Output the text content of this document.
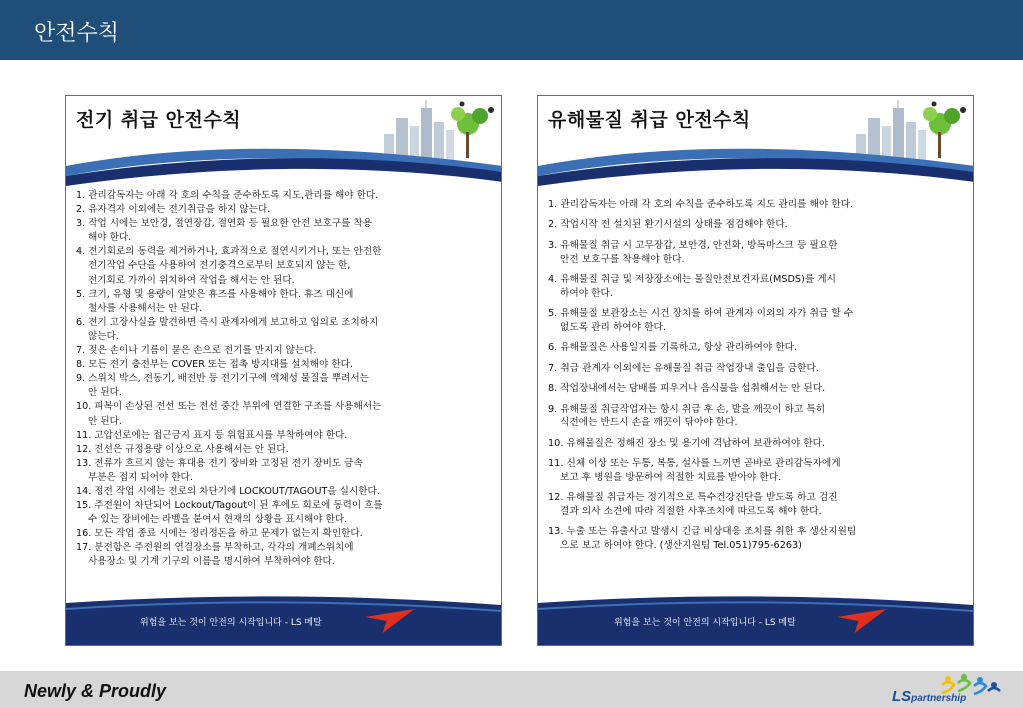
안전수칙
전기 취급 안전수칙
1. 관리감독자는 아래 각 호의 수칙을 준수하도록 지도,관리를 해야 한다.
2. 유자격자 이외에는 전기취급을 하지 않는다.
3. 작업 시에는 보안경, 절연장갑, 절연화 등 필요한 안전 보호구를 착용
해야 한다.
4. 전기회로의 동력을 제거하거나, 효과적으로 절연시키거나, 또는 안전한
전기작업 수단을 사용하여 전기충격으로부터 보호되지 않는 한,
전기회로 가까이 위치하여 작업을 해서는 안 된다.
5. 크기, 유형 및 용량이 알맞은 휴즈를 사용해야 한다. 휴즈 대신에
철사를 사용해서는 안 된다.
6. 전기 고장사실을 발견하면 즉시 관계자에게 보고하고 임의로 조치하지
않는다.
7. 젖은 손이나 기름이 묻은 손으로 전기를 만지지 않는다.
8. 모든 전기 충전부는 COVER 또는 접촉 방지대를 설치해야 한다.
9. 스위치 박스, 전동기, 배전반 등 전기기구에 액체성 물질을 뿌려서는
안 된다.
10. 피복이 손상된 전선 또는 전선 중간 부위에 연결한 구조를 사용해서는
안 된다.
11. 고압선로에는 접근금지 표지 등 위험표시를 부착하여야 한다.
12. 전선은 규정용량 이상으로 사용해서는 안 된다.
13. 전류가 흐르지 않는 휴대용 전기 장비와 고정된 전기 장비도 금속
부분은 접지 되어야 한다.
14. 정전 작업 시에는 전로의 차단기에 LOCKOUT/TAGOUT을 실시한다.
15. 주전원이 차단되어 Lockout/Tagout이 된 후에도 회로에 동력이 흐를
수 있는 장비에는 라벨을 붙여서 현재의 상황을 표시해야 한다.
16. 모든 작업 종료 시에는 정리정돈을 하고 문제가 없는지 확인한다.
17. 분전함은 주전원의 연결장소를 부착하고, 각각의 개폐스위치에
사용장소 및 기계 기구의 이름을 명시하여 부착하여야 한다.
위험을 보는 것이 안전의 시작입니다 - LS 메탈
유해물질 취급 안전수칙
1. 관리감독자는 아래 각 호의 수칙을 준수하도록 지도 관리를 해야 한다.
2. 작업시작 전 설치된 환기시설의 상태를 점검해야 한다.
3. 유해물질 취급 시 고무장갑, 보안경, 안전화, 방독마스크 등 필요한
안전 보호구를 착용해야 한다.
4. 유해물질 취급 및 저장장소에는 물질안전보건자료(MSDS)를 게시
하여야 한다.
5. 유해물질 보관장소는 시건 장치를 하여 관계자 이외의 자가 취급 할 수
없도록 관리 하여야 한다.
6. 유해물질은 사용일지를 기록하고, 항상 관리하여야 한다.
7. 취급 관계자 이외에는 유해물질 취급 작업장내 출입을 금한다.
8. 작업장내에서는 담배를 피우거나 음식물을 섭취해서는 안 된다.
9. 유해물질 취급작업자는 항시 취급 후 손, 발을 깨끗이 하고 특히
식전에는 반드시 손을 깨끗이 닦아야 한다.
10. 유해물질은 정해진 장소 및 용기에 격납하여 보관하여야 한다.
11. 신체 이상 또는 두통, 복통, 설사를 느끼면 곧바로 관리감독자에게
보고 후 병원을 방문하여 적절한 치료를 받아야 한다.
12. 유해물질 취급자는 정기적으로 특수건강진단을 받도록 하고 검진
결과 의사 소견에 따라 적절한 사후조치에 따르도록 해야 한다.
13. 누출 또는 유출사고 발생시 긴급 비상대응 조치를 취한 후 생산지원팀
으로 보고 하여야 한다. (생산지원팀 Tel.051)795-6263)
위험을 보는 것이 안전의 시작입니다 - LS 메탈
Newly & Proudly	LSpartnership
